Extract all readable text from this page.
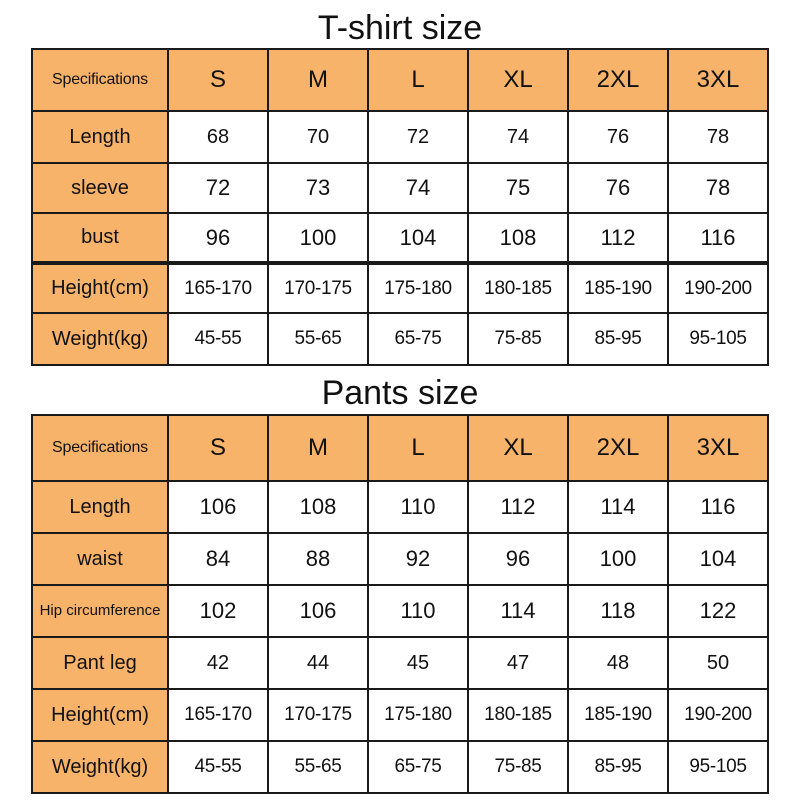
T-shirt size
Specifications	S	M	L	XL	2XL	3XL
Length	68	70	72	74	76	78
sleeve	72	73	74	75	76	78
bust	96	100	104	108	112	116
Height(cm)	165-170	170-175	175-180	180-185	185-190	190-200
Weight(kg)	45-55	55-65	65-75	75-85	85-95	95-105
Pants size
Specifications	S	M	L	XL	2XL	3XL
Length	106	108	110	112	114	116
waist	84	88	92	96	100	104
Hip circumference	102	106	110	114	118	122
Pant leg	42	44	45	47	48	50
Height(cm)	165-170	170-175	175-180	180-185	185-190	190-200
Weight(kg)	45-55	55-65	65-75	75-85	85-95	95-105
